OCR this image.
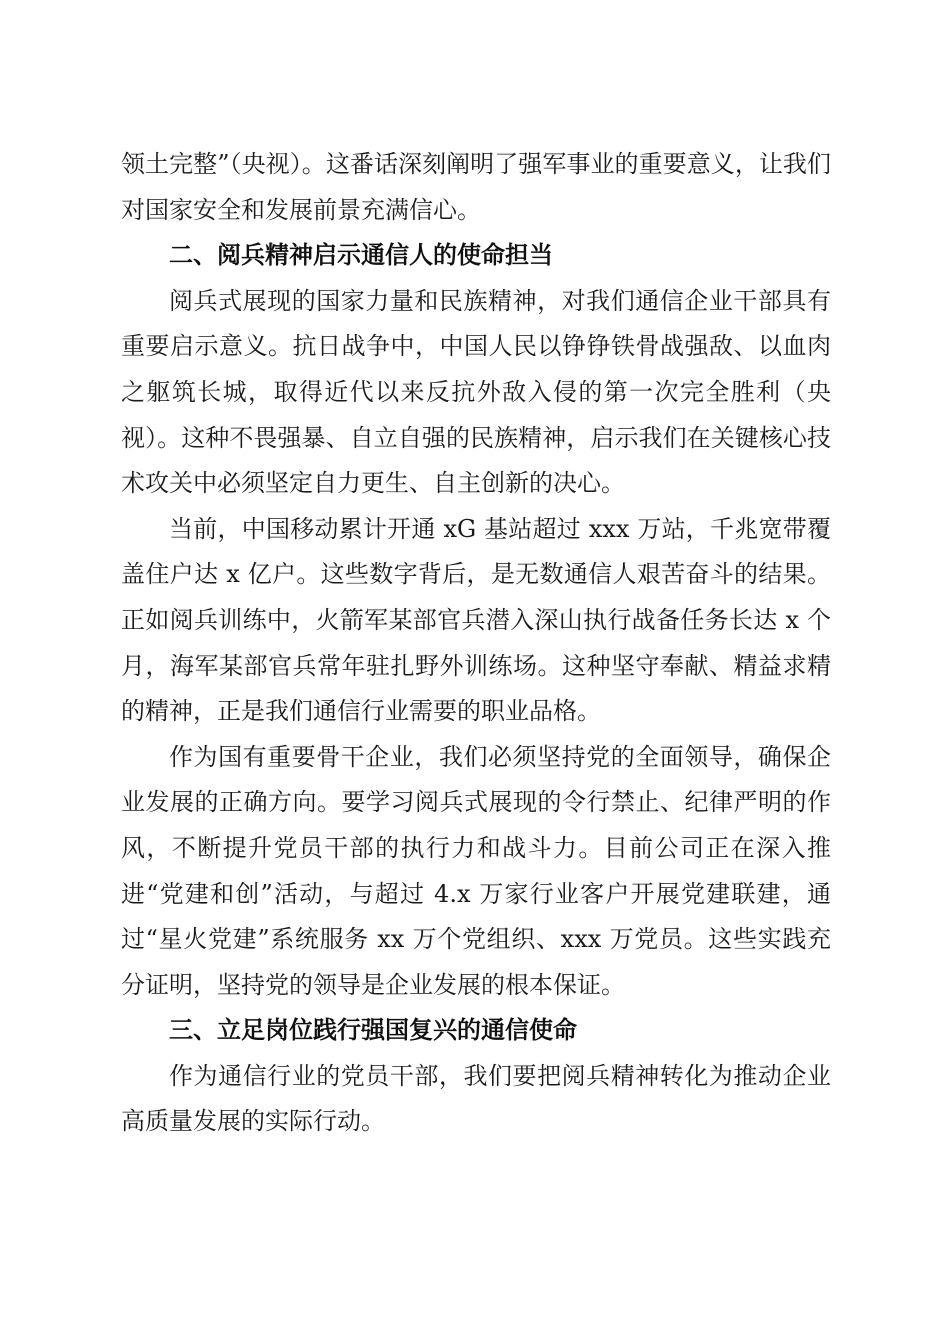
领土完整”（央视）。这番话深刻阐明了强军事业的重要意义，让我们对国家安全和发展前景充满信心。

二、阅兵精神启示通信人的使命担当

阅兵式展现的国家力量和民族精神，对我们通信企业干部具有重要启示意义。抗日战争中，中国人民以铮铮铁骨战强敌、以血肉之躯筑长城，取得近代以来反抗外敌入侵的第一次完全胜利（央视）。这种不畏强暴、自立自强的民族精神，启示我们在关键核心技术攻关中必须坚定自力更生、自主创新的决心。

当前，中国移动累计开通 xG 基站超过 xxx 万站，千兆宽带覆盖住户达 x 亿户。这些数字背后，是无数通信人艰苦奋斗的结果。正如阅兵训练中，火箭军某部官兵潜入深山执行战备任务长达 x 个月，海军某部官兵常年驻扎野外训练场。这种坚守奉献、精益求精的精神，正是我们通信行业需要的职业品格。

作为国有重要骨干企业，我们必须坚持党的全面领导，确保企业发展的正确方向。要学习阅兵式展现的令行禁止、纪律严明的作风，不断提升党员干部的执行力和战斗力。目前公司正在深入推进“党建和创”活动，与超过 4.x 万家行业客户开展党建联建，通过“星火党建”系统服务 xx 万个党组织、xxx 万党员。这些实践充分证明，坚持党的领导是企业发展的根本保证。

三、立足岗位践行强国复兴的通信使命

作为通信行业的党员干部，我们要把阅兵精神转化为推动企业高质量发展的实际行动。
